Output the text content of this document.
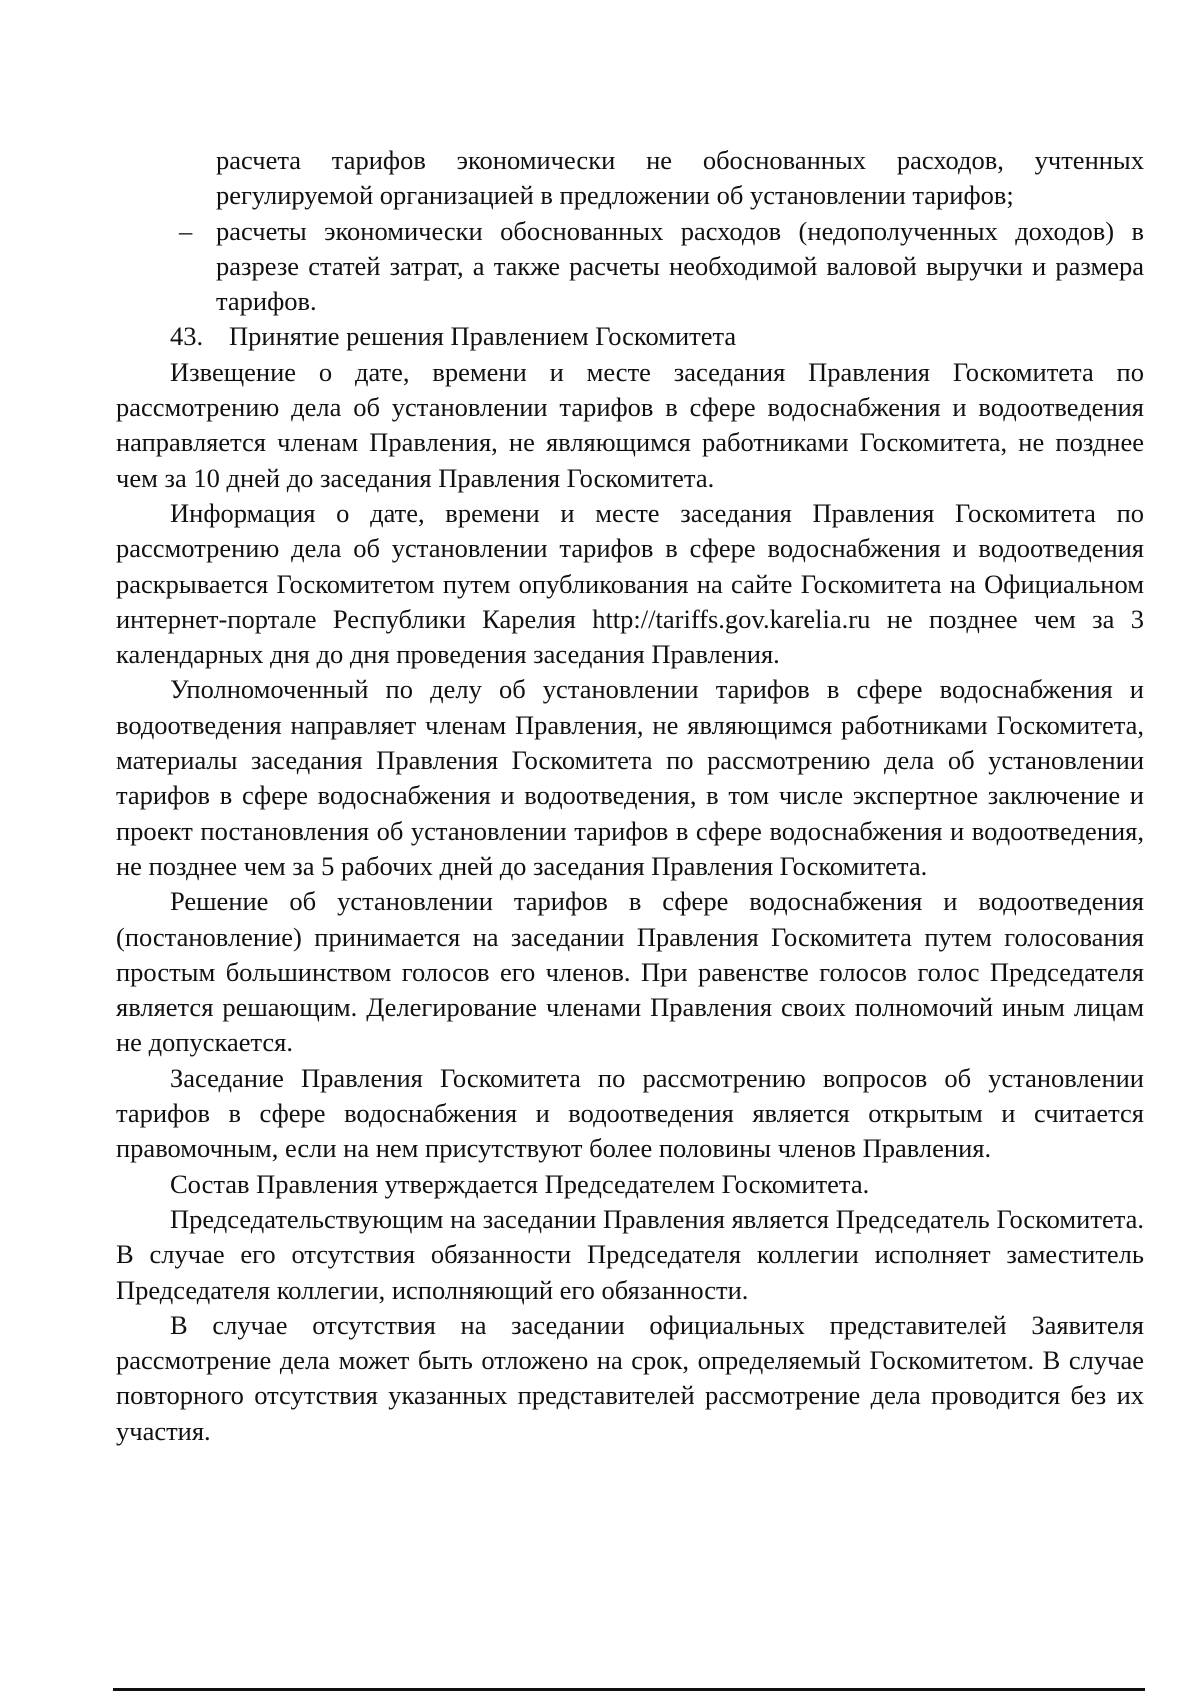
расчета тарифов экономически не обоснованных расходов, учтенных регулируемой организацией в предложении об установлении тарифов;

– расчеты экономически обоснованных расходов (недополученных доходов) в разрезе статей затрат, а также расчеты необходимой валовой выручки и размера тарифов.

43. Принятие решения Правлением Госкомитета

Извещение о дате, времени и месте заседания Правления Госкомитета по рассмотрению дела об установлении тарифов в сфере водоснабжения и водоотведения направляется членам Правления, не являющимся работниками Госкомитета, не позднее чем за 10 дней до заседания Правления Госкомитета.

Информация о дате, времени и месте заседания Правления Госкомитета по рассмотрению дела об установлении тарифов в сфере водоснабжения и водоотведения раскрывается Госкомитетом путем опубликования на сайте Госкомитета на Официальном интернет-портале Республики Карелия http://tariffs.gov.karelia.ru не позднее чем за 3 календарных дня до дня проведения заседания Правления.

Уполномоченный по делу об установлении тарифов в сфере водоснабжения и водоотведения направляет членам Правления, не являющимся работниками Госкомитета, материалы заседания Правления Госкомитета по рассмотрению дела об установлении тарифов в сфере водоснабжения и водоотведения, в том числе экспертное заключение и проект постановления об установлении тарифов в сфере водоснабжения и водоотведения, не позднее чем за 5 рабочих дней до заседания Правления Госкомитета.

Решение об установлении тарифов в сфере водоснабжения и водоотведения (постановление) принимается на заседании Правления Госкомитета путем голосования простым большинством голосов его членов. При равенстве голосов голос Председателя является решающим. Делегирование членами Правления своих полномочий иным лицам не допускается.

Заседание Правления Госкомитета по рассмотрению вопросов об установлении тарифов в сфере водоснабжения и водоотведения является открытым и считается правомочным, если на нем присутствуют более половины членов Правления.

Состав Правления утверждается Председателем Госкомитета.

Председательствующим на заседании Правления является Председатель Госкомитета. В случае его отсутствия обязанности Председателя коллегии исполняет заместитель Председателя коллегии, исполняющий его обязанности.

В случае отсутствия на заседании официальных представителей Заявителя рассмотрение дела может быть отложено на срок, определяемый Госкомитетом. В случае повторного отсутствия указанных представителей рассмотрение дела проводится без их участия.
